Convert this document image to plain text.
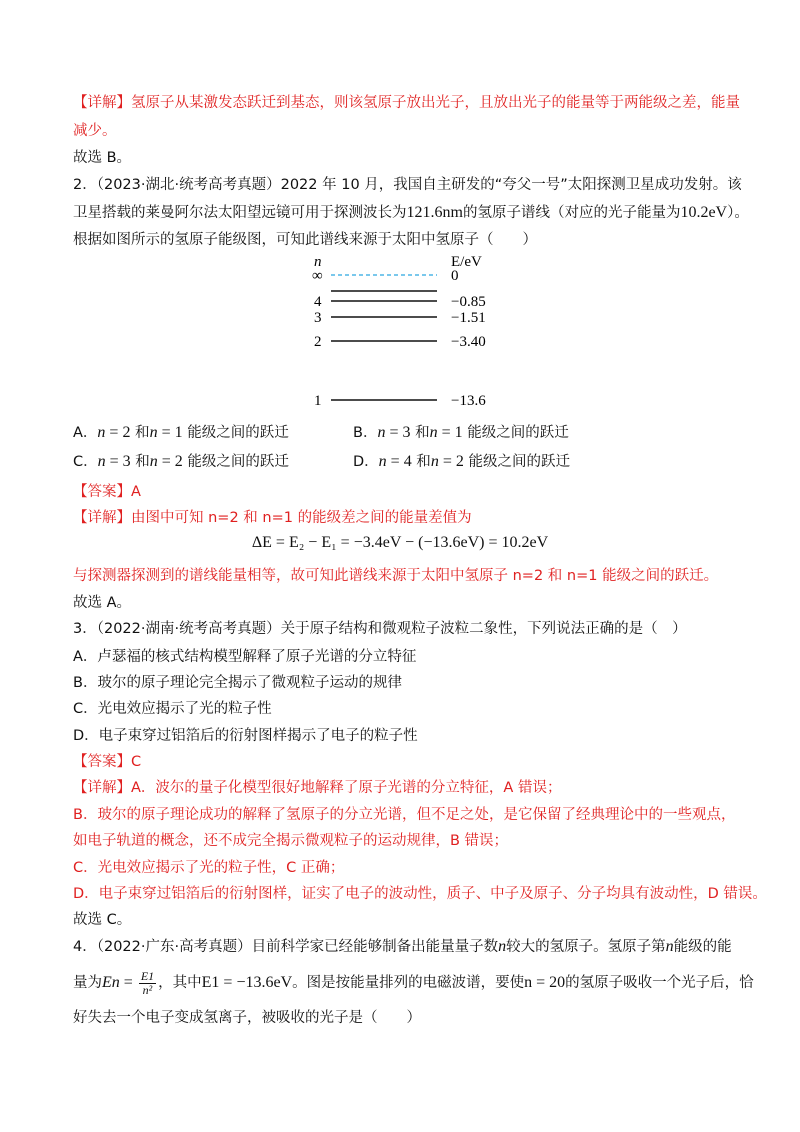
【详解】氢原子从某激发态跃迁到基态，则该氢原子放出光子，且放出光子的能量等于两能级之差，能量
减少。
故选 B。
2．（2023·湖北·统考高考真题）2022 年 10 月，我国自主研发的“夸父一号”太阳探测卫星成功发射。该
卫星搭载的莱曼阿尔法太阳望远镜可用于探测波长为121.6nm的氢原子谱线（对应的光子能量为10.2eV）。
根据如图所示的氢原子能级图，可知此谱线来源于太阳中氢原子（　　）
n	E/eV
∞	0
4	−0.85
3	−1.51
2	−3.40
1	−13.6
A．n = 2 和n = 1 能级之间的跃迁	B．n = 3 和n = 1 能级之间的跃迁
C．n = 3 和n = 2 能级之间的跃迁	D．n = 4 和n = 2 能级之间的跃迁
【答案】A
【详解】由图中可知 n=2 和 n=1 的能级差之间的能量差值为
ΔE = E₂ − E₁ = −3.4eV − (−13.6eV) = 10.2eV
与探测器探测到的谱线能量相等，故可知此谱线来源于太阳中氢原子 n=2 和 n=1 能级之间的跃迁。
故选 A。
3．（2022·湖南·统考高考真题）关于原子结构和微观粒子波粒二象性，下列说法正确的是（　）
A．卢瑟福的核式结构模型解释了原子光谱的分立特征
B．玻尔的原子理论完全揭示了微观粒子运动的规律
C．光电效应揭示了光的粒子性
D．电子束穿过铝箔后的衍射图样揭示了电子的粒子性
【答案】C
【详解】A．波尔的量子化模型很好地解释了原子光谱的分立特征，A 错误；
B．玻尔的原子理论成功的解释了氢原子的分立光谱，但不足之处，是它保留了经典理论中的一些观点，
如电子轨道的概念，还不成完全揭示微观粒子的运动规律，B 错误；
C．光电效应揭示了光的粒子性，C 正确；
D．电子束穿过铝箔后的衍射图样，证实了电子的波动性，质子、中子及原子、分子均具有波动性，D 错误。
故选 C。
4．（2022·广东·高考真题）目前科学家已经能够制备出能量量子数n较大的氢原子。氢原子第n能级的能
量为$En = \frac{E1}{\text{n²}}$ ，其中E1 = −13.6eV。图是按能量排列的电磁波谱，要使n = 20的氢原子吸收一个光子后，恰
好失去一个电子变成氢离子，被吸收的光子是（　　）
